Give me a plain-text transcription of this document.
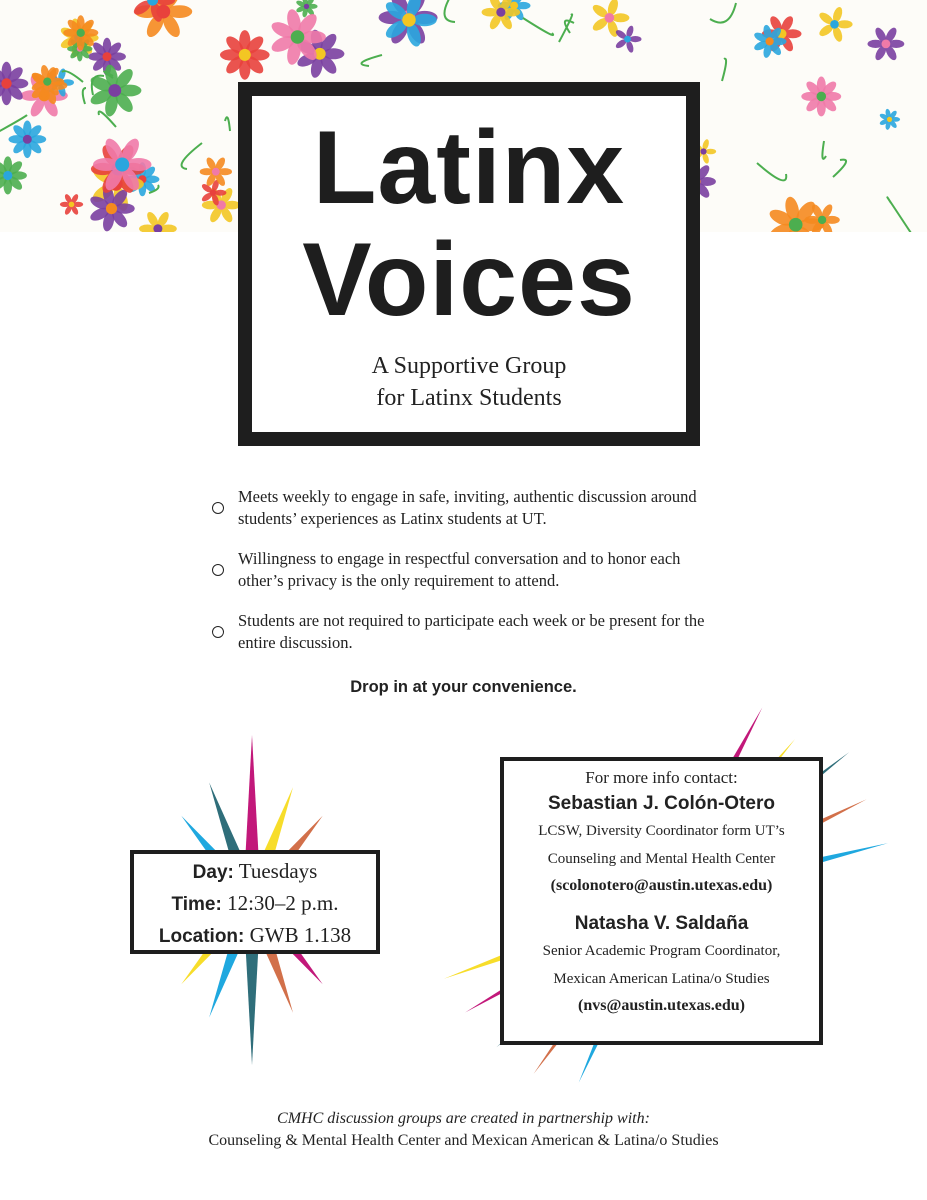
Latinx
Voices
A Supportive Group
for Latinx Students
Meets weekly to engage in safe, inviting, authentic discussion around students’ experiences as Latinx students at UT.
Willingness to engage in respectful conversation and to honor each other’s privacy is the only requirement to attend.
Students are not required to participate each week or be present for the entire discussion.
Drop in at your convenience.
Day: Tuesdays
Time: 12:30–2 p.m.
Location: GWB 1.138
For more info contact:
Sebastian J. Colón-Otero
LCSW, Diversity Coordinator form UT’s
Counseling and Mental Health Center
(scolonotero@austin.utexas.edu)
Natasha V. Saldaña
Senior Academic Program Coordinator,
Mexican American Latina/o Studies
(nvs@austin.utexas.edu)
CMHC discussion groups are created in partnership with:
Counseling & Mental Health Center and Mexican American & Latina/o Studies
